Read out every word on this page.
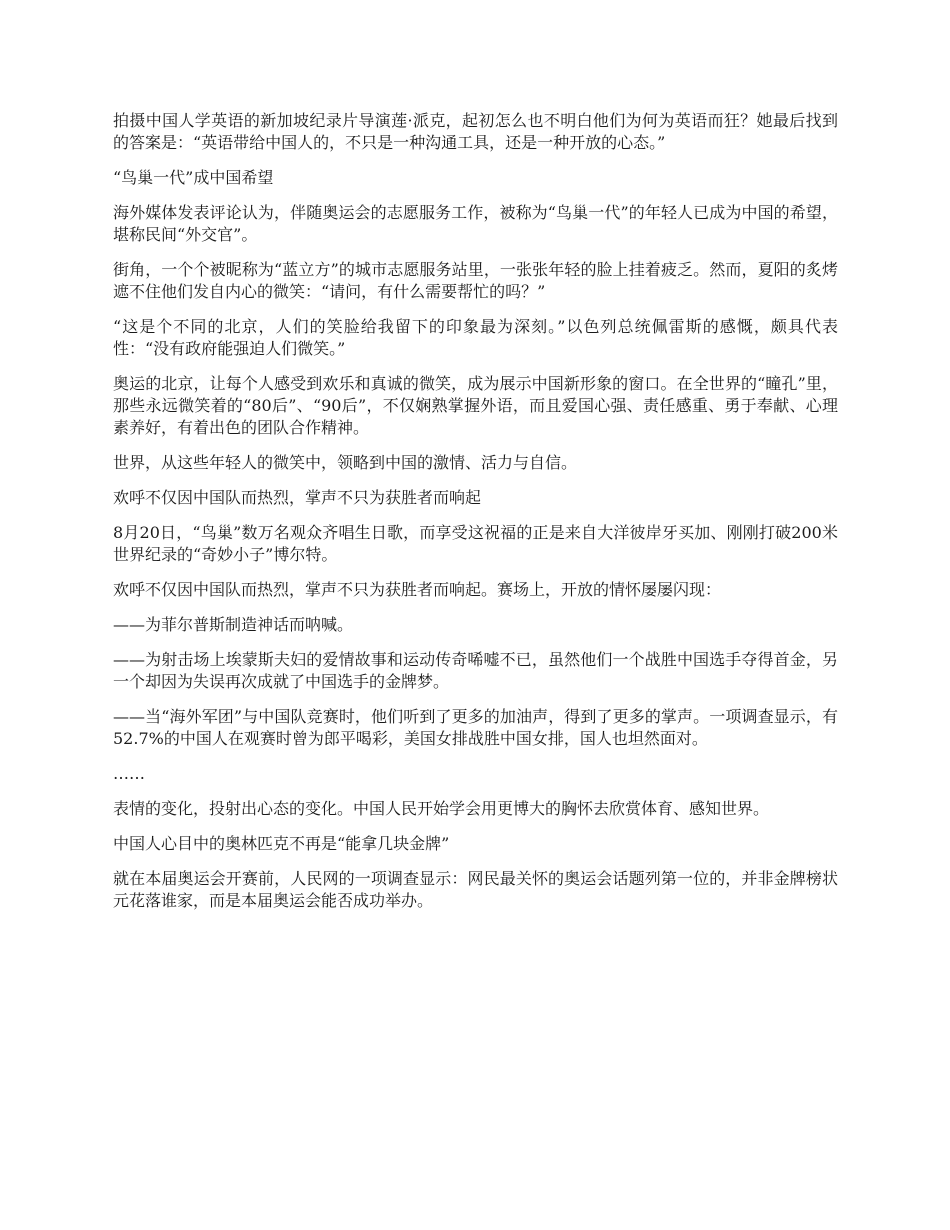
拍摄中国人学英语的新加坡纪录片导演莲·派克，起初怎么也不明白他们为何为英语而狂？她最后找到的答案是：“英语带给中国人的，不只是一种沟通工具，还是一种开放的心态。”

“鸟巢一代”成中国希望

海外媒体发表评论认为，伴随奥运会的志愿服务工作，被称为“鸟巢一代”的年轻人已成为中国的希望，堪称民间“外交官”。

街角，一个个被昵称为“蓝立方”的城市志愿服务站里，一张张年轻的脸上挂着疲乏。然而，夏阳的炙烤遮不住他们发自内心的微笑：“请问，有什么需要帮忙的吗？”

“这是个不同的北京，人们的笑脸给我留下的印象最为深刻。”以色列总统佩雷斯的感慨，颇具代表性：“没有政府能强迫人们微笑。”

奥运的北京，让每个人感受到欢乐和真诚的微笑，成为展示中国新形象的窗口。在全世界的“瞳孔”里，那些永远微笑着的“80后”、“90后”，不仅娴熟掌握外语，而且爱国心强、责任感重、勇于奉献、心理素养好，有着出色的团队合作精神。

世界，从这些年轻人的微笑中，领略到中国的激情、活力与自信。

欢呼不仅因中国队而热烈，掌声不只为获胜者而响起

8月20日，“鸟巢”数万名观众齐唱生日歌，而享受这祝福的正是来自大洋彼岸牙买加、刚刚打破200米世界纪录的“奇妙小子”博尔特。

欢呼不仅因中国队而热烈，掌声不只为获胜者而响起。赛场上，开放的情怀屡屡闪现：

——为菲尔普斯制造神话而呐喊。

——为射击场上埃蒙斯夫妇的爱情故事和运动传奇唏嘘不已，虽然他们一个战胜中国选手夺得首金，另一个却因为失误再次成就了中国选手的金牌梦。

——当“海外军团”与中国队竞赛时，他们听到了更多的加油声，得到了更多的掌声。一项调查显示，有52.7%的中国人在观赛时曾为郎平喝彩，美国女排战胜中国女排，国人也坦然面对。

……

表情的变化，投射出心态的变化。中国人民开始学会用更博大的胸怀去欣赏体育、感知世界。

中国人心目中的奥林匹克不再是“能拿几块金牌”

就在本届奥运会开赛前，人民网的一项调查显示：网民最关怀的奥运会话题列第一位的，并非金牌榜状元花落谁家，而是本届奥运会能否成功举办。
